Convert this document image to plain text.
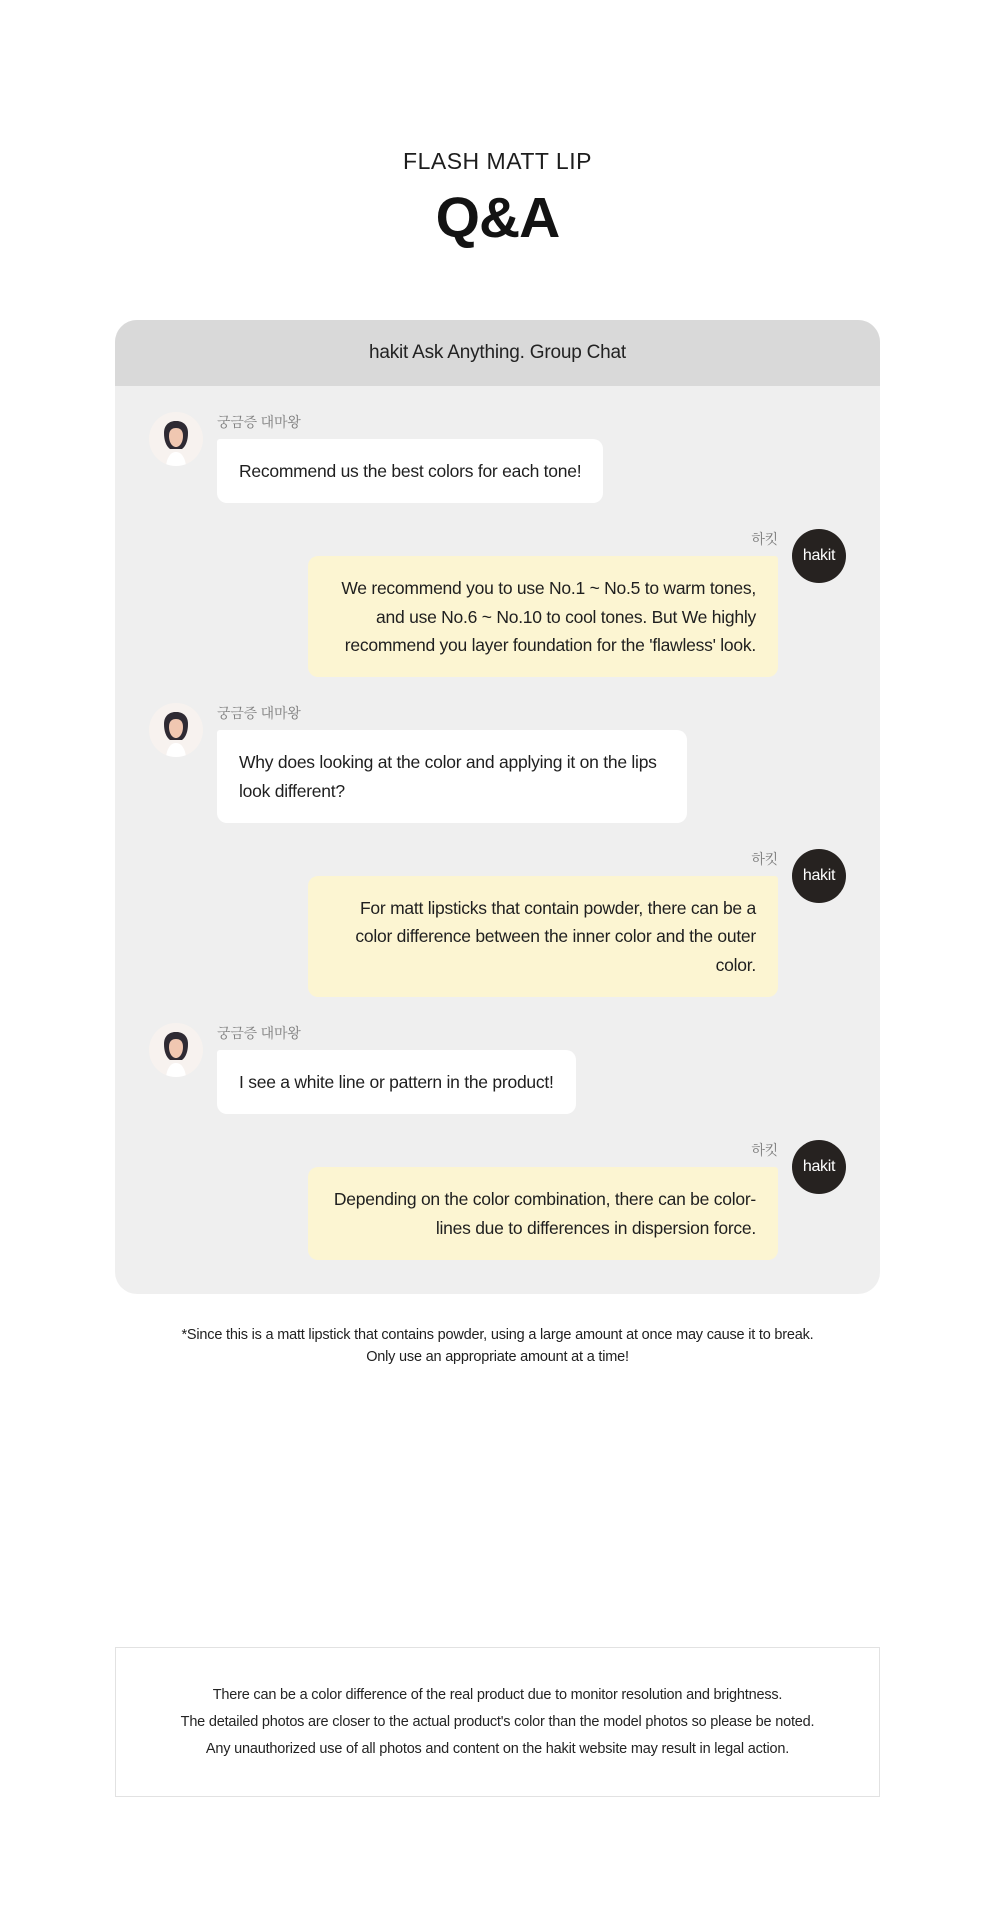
FLASH MATT LIP
Q&A
hakit Ask Anything. Group Chat
궁금증 대마왕
Recommend us the best colors for each tone!
하킷
We recommend you to use No.1 ~ No.5 to warm tones, and use No.6 ~ No.10 to cool tones. But We highly recommend you layer foundation for the 'flawless' look.
hakit
궁금증 대마왕
Why does looking at the color and applying it on the lips look different?
하킷
For matt lipsticks that contain powder, there can be a color difference between the inner color and the outer color.
hakit
궁금증 대마왕
I see a white line or pattern in the product!
하킷
Depending on the color combination, there can be color-lines due to differences in dispersion force.
hakit
*Since this is a matt lipstick that contains powder, using a large amount at once may cause it to break.
Only use an appropriate amount at a time!
There can be a color difference of the real product due to monitor resolution and brightness.
The detailed photos are closer to the actual product's color than the model photos so please be noted.
Any unauthorized use of all photos and content on the hakit website may result in legal action.
